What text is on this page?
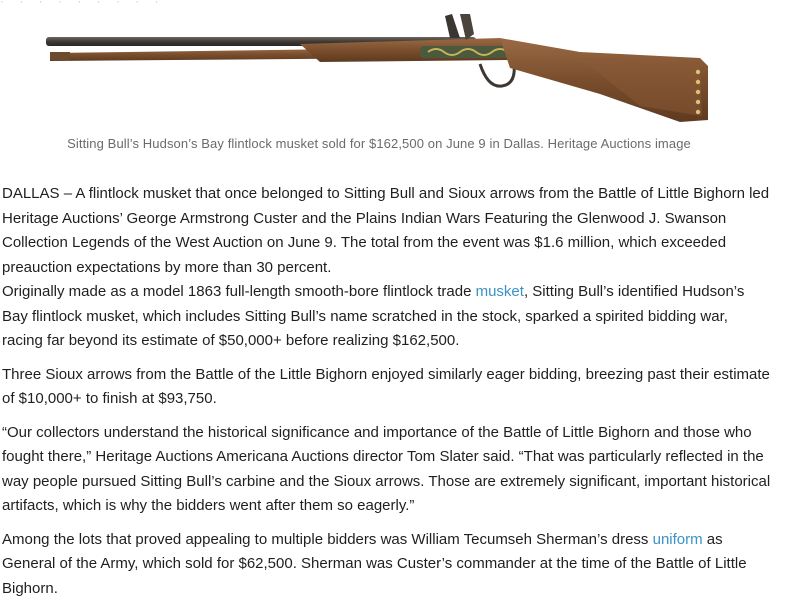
· · · · · · · · ·
Sitting Bull’s Hudson’s Bay flintlock musket sold for $162,500 on June 9 in Dallas. Heritage Auctions image

DALLAS – A flintlock musket that once belonged to Sitting Bull and Sioux arrows from the Battle of Little Bighorn led Heritage Auctions’ George Armstrong Custer and the Plains Indian Wars Featuring the Glenwood J. Swanson Collection Legends of the West Auction on June 9. The total from the event was $1.6 million, which exceeded preauction expectations by more than 30 percent.

Originally made as a model 1863 full-length smooth-bore flintlock trade musket, Sitting Bull’s identified Hudson’s Bay flintlock musket, which includes Sitting Bull’s name scratched in the stock, sparked a spirited bidding war, racing far beyond its estimate of $50,000+ before realizing $162,500.

Three Sioux arrows from the Battle of the Little Bighorn enjoyed similarly eager bidding, breezing past their estimate of $10,000+ to finish at $93,750.

“Our collectors understand the historical significance and importance of the Battle of Little Bighorn and those who fought there,” Heritage Auctions Americana Auctions director Tom Slater said. “That was particularly reflected in the way people pursued Sitting Bull’s carbine and the Sioux arrows. Those are extremely significant, important historical artifacts, which is why the bidders went after them so eagerly.”

Among the lots that proved appealing to multiple bidders was William Tecumseh Sherman’s dress uniform as General of the Army, which sold for $62,500. Sherman was Custer’s commander at the time of the Battle of Little Bighorn.
